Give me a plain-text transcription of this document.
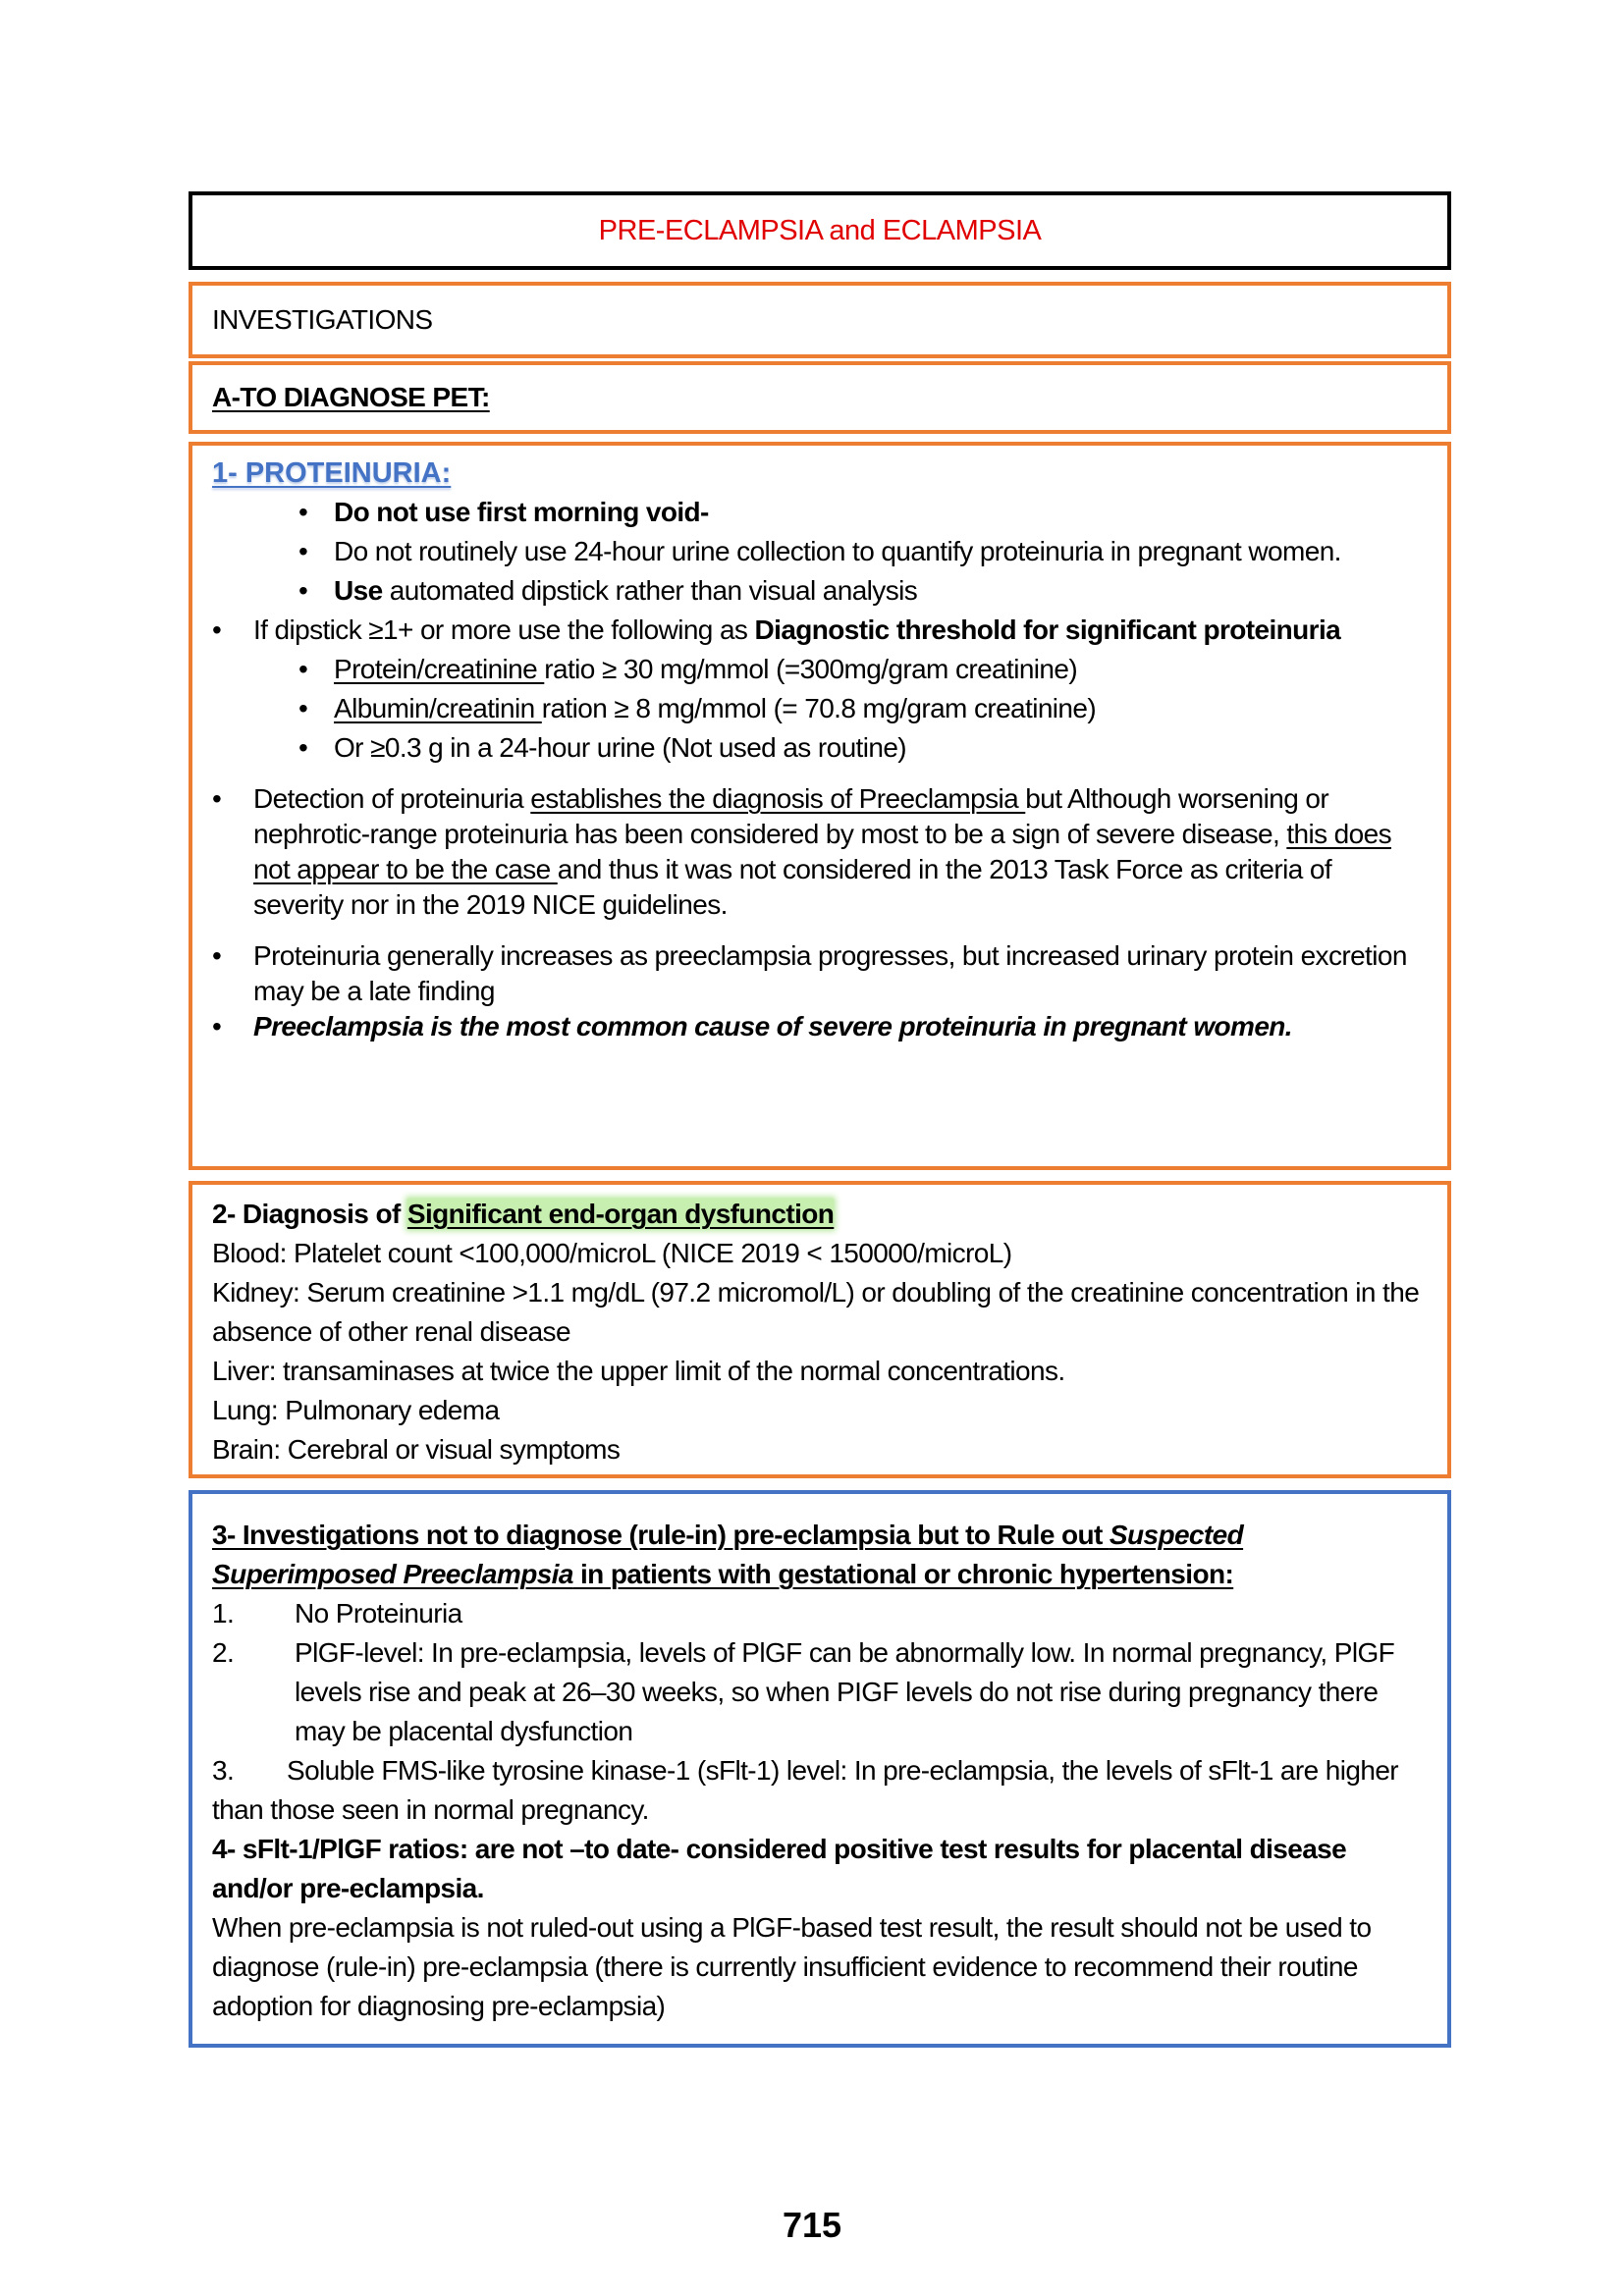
PRE-ECLAMPSIA and ECLAMPSIA
INVESTIGATIONS
A-TO DIAGNOSE PET:
1- PROTEINURIA:
• Do not use first morning void-
• Do not routinely use 24-hour urine collection to quantify proteinuria in pregnant women.
• Use automated dipstick rather than visual analysis
• If dipstick ≥1+ or more use the following as Diagnostic threshold for significant proteinuria
• Protein/creatinine ratio ≥ 30 mg/mmol (=300mg/gram creatinine)
• Albumin/creatinin ration ≥ 8 mg/mmol (= 70.8 mg/gram creatinine)
• Or ≥0.3 g in a 24-hour urine (Not used as routine)
• Detection of proteinuria establishes the diagnosis of Preeclampsia but Although worsening or nephrotic-range proteinuria has been considered by most to be a sign of severe disease, this does not appear to be the case and thus it was not considered in the 2013 Task Force as criteria of severity nor in the 2019 NICE guidelines.
• Proteinuria generally increases as preeclampsia progresses, but increased urinary protein excretion may be a late finding
• Preeclampsia is the most common cause of severe proteinuria in pregnant women.
2- Diagnosis of Significant end-organ dysfunction
Blood: Platelet count <100,000/microL (NICE 2019 < 150000/microL)
Kidney: Serum creatinine >1.1 mg/dL (97.2 micromol/L) or doubling of the creatinine concentration in the absence of other renal disease
Liver: transaminases at twice the upper limit of the normal concentrations.
Lung: Pulmonary edema
Brain: Cerebral or visual symptoms
3- Investigations not to diagnose (rule-in) pre-eclampsia but to Rule out Suspected Superimposed Preeclampsia in patients with gestational or chronic hypertension:
1. No Proteinuria
2. PlGF-level: In pre-eclampsia, levels of PlGF can be abnormally low. In normal pregnancy, PlGF levels rise and peak at 26–30 weeks, so when PIGF levels do not rise during pregnancy there may be placental dysfunction
3. Soluble FMS-like tyrosine kinase-1 (sFlt-1) level: In pre-eclampsia, the levels of sFlt-1 are higher than those seen in normal pregnancy.
4- sFlt-1/PlGF ratios: are not –to date- considered positive test results for placental disease and/or pre-eclampsia.
When pre-eclampsia is not ruled-out using a PlGF-based test result, the result should not be used to diagnose (rule-in) pre-eclampsia (there is currently insufficient evidence to recommend their routine adoption for diagnosing pre-eclampsia)
715
